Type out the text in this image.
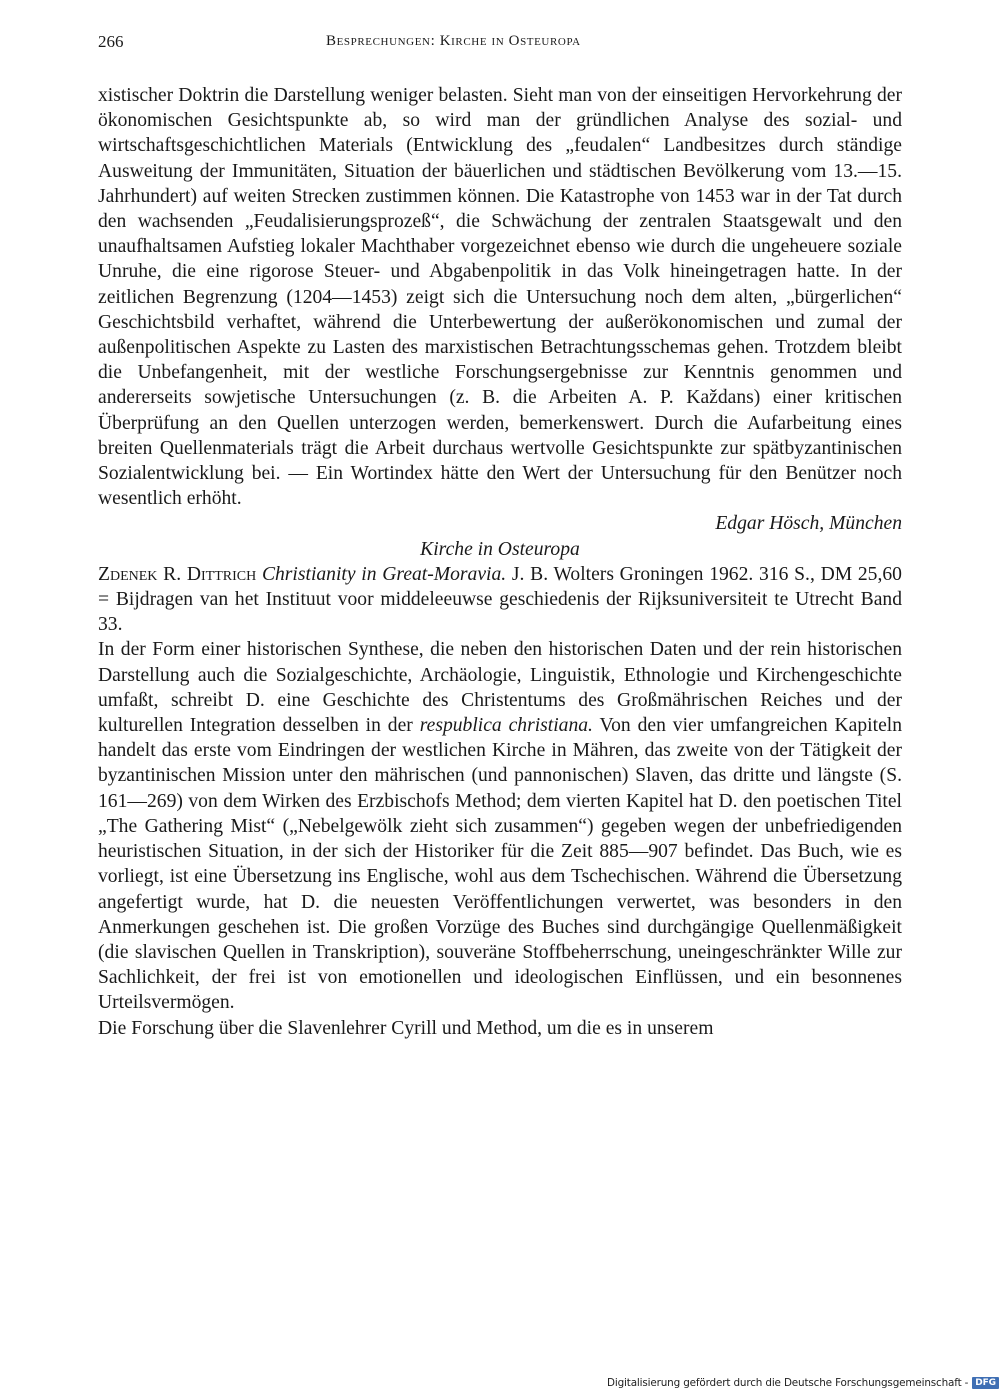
266	Besprechungen: Kirche in Osteuropa

xistischer Doktrin die Darstellung weniger belasten. Sieht man von der einseitigen Hervorkehrung der ökonomischen Gesichtspunkte ab, so wird man der gründlichen Analyse des sozial- und wirtschaftsgeschichtlichen Materials (Entwicklung des „feudalen“ Landbesitzes durch ständige Ausweitung der Immunitäten, Situation der bäuerlichen und städtischen Bevölkerung vom 13.—15. Jahrhundert) auf weiten Strecken zustimmen können. Die Katastrophe von 1453 war in der Tat durch den wachsenden „Feudalisierungsprozeß“, die Schwächung der zentralen Staatsgewalt und den unaufhaltsamen Aufstieg lokaler Machthaber vorgezeichnet ebenso wie durch die ungeheuere soziale Unruhe, die eine rigorose Steuer- und Abgabenpolitik in das Volk hineingetragen hatte. In der zeitlichen Begrenzung (1204—1453) zeigt sich die Untersuchung noch dem alten, „bürgerlichen“ Geschichtsbild verhaftet, während die Unterbewertung der außerökonomischen und zumal der außenpolitischen Aspekte zu Lasten des marxistischen Betrachtungsschemas gehen. Trotzdem bleibt die Unbefangenheit, mit der westliche Forschungsergebnisse zur Kenntnis genommen und andererseits sowjetische Untersuchungen (z. B. die Arbeiten A. P. Každans) einer kritischen Überprüfung an den Quellen unterzogen werden, bemerkenswert. Durch die Aufarbeitung eines breiten Quellenmaterials trägt die Arbeit durchaus wertvolle Gesichtspunkte zur spätbyzantinischen Sozialentwicklung bei. — Ein Wortindex hätte den Wert der Untersuchung für den Benützer noch wesentlich erhöht.

Edgar Hösch, München

Kirche in Osteuropa

Zdenek R. Dittrich Christianity in Great-Moravia. J. B. Wolters Groningen 1962. 316 S., DM 25,60 = Bijdragen van het Instituut voor middeleeuwse geschiedenis der Rijksuniversiteit te Utrecht Band 33.

In der Form einer historischen Synthese, die neben den historischen Daten und der rein historischen Darstellung auch die Sozialgeschichte, Archäologie, Linguistik, Ethnologie und Kirchengeschichte umfaßt, schreibt D. eine Geschichte des Christentums des Großmährischen Reiches und der kulturellen Integration desselben in der respublica christiana. Von den vier umfangreichen Kapiteln handelt das erste vom Eindringen der westlichen Kirche in Mähren, das zweite von der Tätigkeit der byzantinischen Mission unter den mährischen (und pannonischen) Slaven, das dritte und längste (S. 161—269) von dem Wirken des Erzbischofs Method; dem vierten Kapitel hat D. den poetischen Titel „The Gathering Mist“ („Nebelgewölk zieht sich zusammen“) gegeben wegen der unbefriedigenden heuristischen Situation, in der sich der Historiker für die Zeit 885—907 befindet. Das Buch, wie es vorliegt, ist eine Übersetzung ins Englische, wohl aus dem Tschechischen. Während die Übersetzung angefertigt wurde, hat D. die neuesten Veröffentlichungen verwertet, was besonders in den Anmerkungen geschehen ist. Die großen Vorzüge des Buches sind durchgängige Quellenmäßigkeit (die slavischen Quellen in Transkription), souveräne Stoffbeherrschung, uneingeschränkter Wille zur Sachlichkeit, der frei ist von emotionellen und ideologischen Einflüssen, und ein besonnenes Urteilsvermögen.

Die Forschung über die Slavenlehrer Cyrill und Method, um die es in unserem

Digitalisierung gefördert durch die Deutsche Forschungsgemeinschaft - DFG
